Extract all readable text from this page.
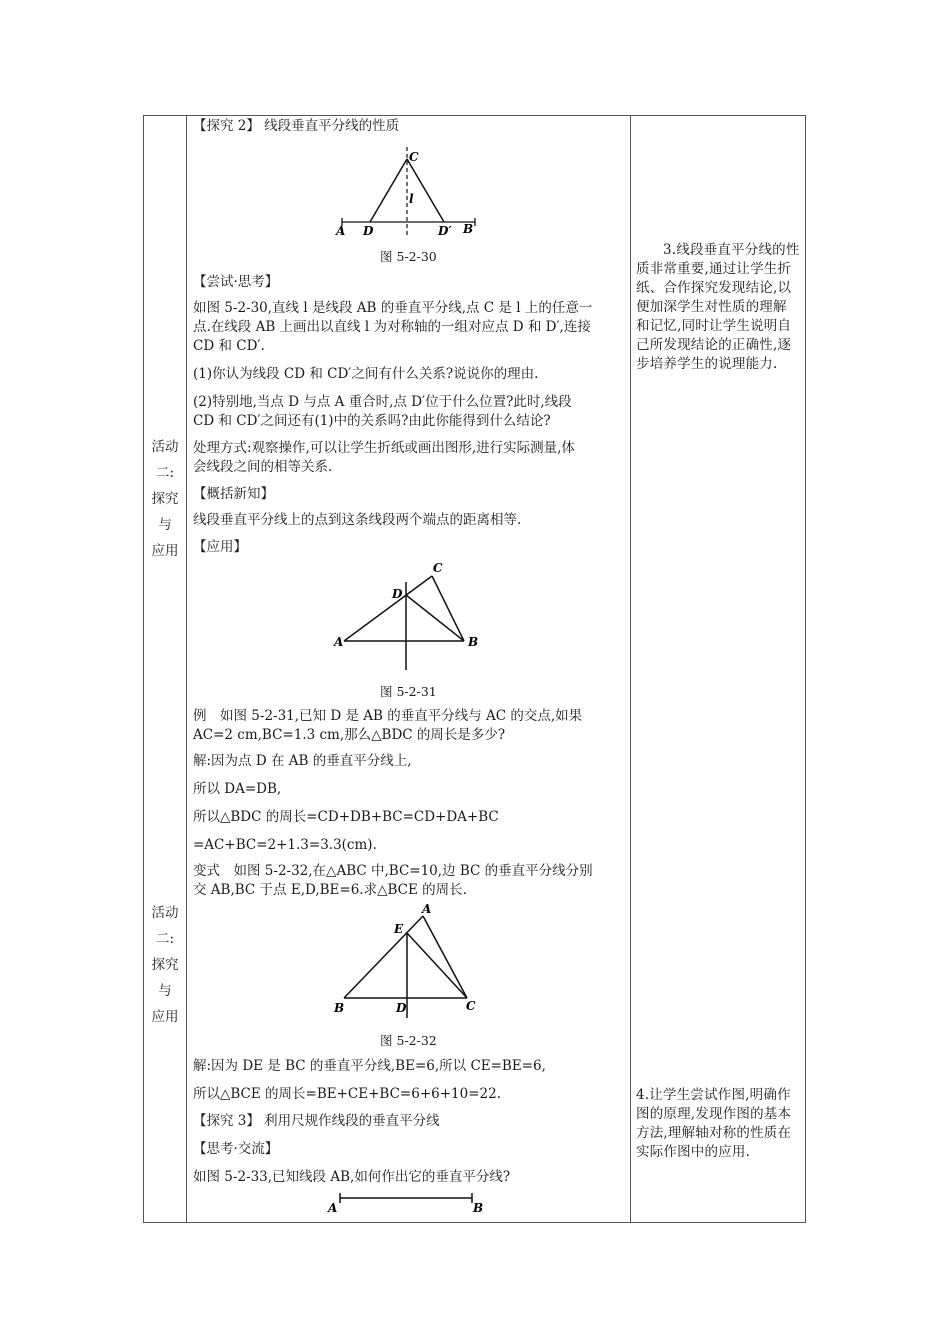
活动
二:
探究
与
应用
活动
二:
探究
与
应用
【探究 2】 线段垂直平分线的性质
A D
C
l
D′ B
图 5-2-30
【尝试·思考】
如图 5-2-30,直线 l 是线段 AB 的垂直平分线,点 C 是 l 上的任意一
点.在线段 AB 上画出以直线 l 为对称轴的一组对应点 D 和 D′,连接
CD 和 CD′.
(1)你认为线段 CD 和 CD′之间有什么关系?说说你的理由.
(2)特别地,当点 D 与点 A 重合时,点 D′位于什么位置?此时,线段
CD 和 CD′之间还有(1)中的关系吗?由此你能得到什么结论?
处理方式:观察操作,可以让学生折纸或画出图形,进行实际测量,体
会线段之间的相等关系.
【概括新知】
线段垂直平分线上的点到这条线段两个端点的距离相等.
【应用】
A	B
C
D
图 5-2-31
例　如图 5-2-31,已知 D 是 AB 的垂直平分线与 AC 的交点,如果
AC=2 cm,BC=1.3 cm,那么△BDC 的周长是多少?
解:因为点 D 在 AB 的垂直平分线上,
所以 DA=DB,
所以△BDC 的周长=CD+DB+BC=CD+DA+BC
=AC+BC=2+1.3=3.3(cm).
变式　如图 5-2-32,在△ABC 中,BC=10,边 BC 的垂直平分线分别
交 AB,BC 于点 E,D,BE=6.求△BCE 的周长.
B	C
A
E
D
图 5-2-32
解:因为 DE 是 BC 的垂直平分线,BE=6,所以 CE=BE=6,
所以△BCE 的周长=BE+CE+BC=6+6+10=22.
【探究 3】 利用尺规作线段的垂直平分线
【思考·交流】
如图 5-2-33,已知线段 AB,如何作出它的垂直平分线?
A	B
3.线段垂直平分线的性质非常重要,通过让学生折纸、合作探究发现结论,以便加深学生对性质的理解和记忆,同时让学生说明自己所发现结论的正确性,逐步培养学生的说理能力.
4.让学生尝试作图,明确作图的原理,发现作图的基本方法,理解轴对称的性质在实际作图中的应用.
